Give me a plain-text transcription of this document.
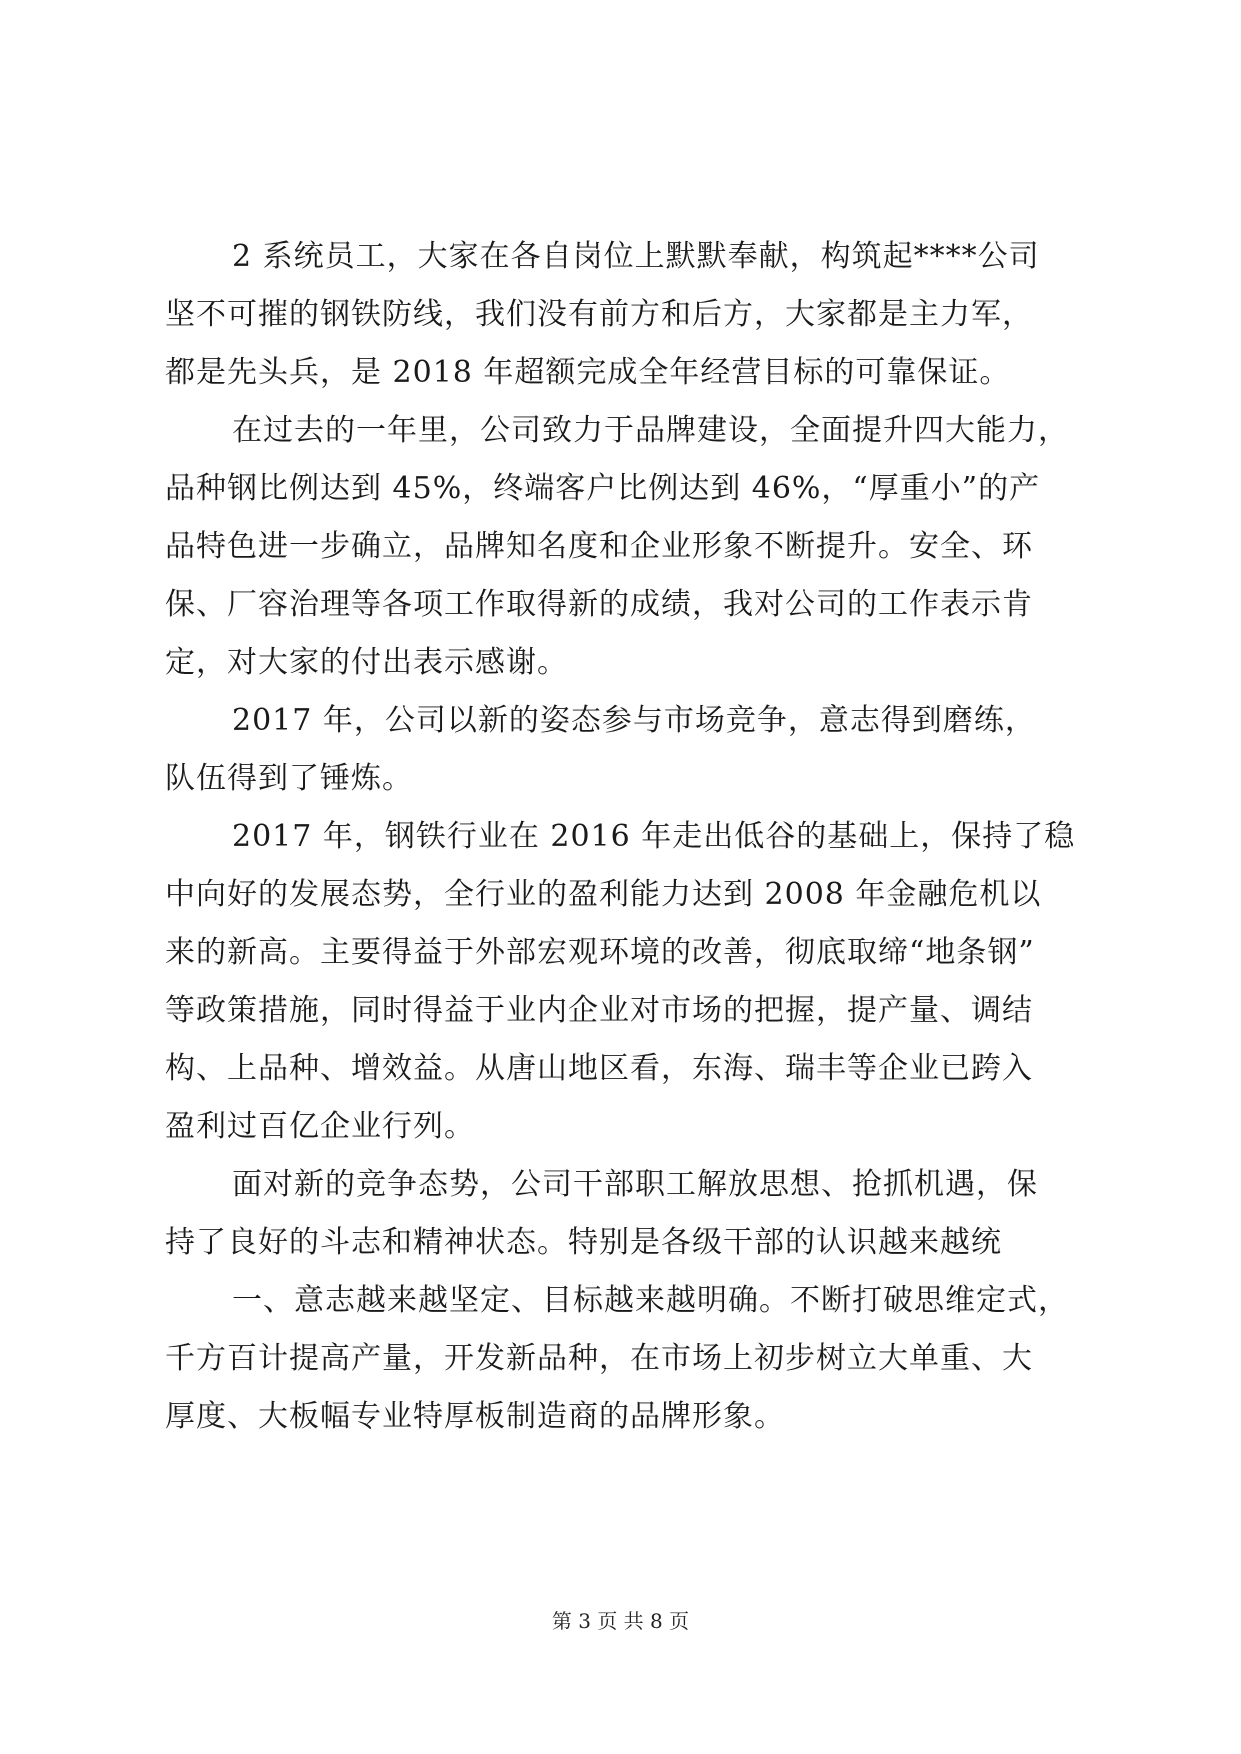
2 系统员工，大家在各自岗位上默默奉献，构筑起****公司

坚不可摧的钢铁防线，我们没有前方和后方，大家都是主力军，

都是先头兵，是 2018 年超额完成全年经营目标的可靠保证。

在过去的一年里，公司致力于品牌建设，全面提升四大能力，

品种钢比例达到 45%，终端客户比例达到 46%，“厚重小”的产

品特色进一步确立，品牌知名度和企业形象不断提升。安全、环

保、厂容治理等各项工作取得新的成绩，我对公司的工作表示肯

定，对大家的付出表示感谢。

2017 年，公司以新的姿态参与市场竞争，意志得到磨练，

队伍得到了锤炼。

2017 年，钢铁行业在 2016 年走出低谷的基础上，保持了稳

中向好的发展态势，全行业的盈利能力达到 2008 年金融危机以

来的新高。主要得益于外部宏观环境的改善，彻底取缔“地条钢”

等政策措施，同时得益于业内企业对市场的把握，提产量、调结

构、上品种、增效益。从唐山地区看，东海、瑞丰等企业已跨入

盈利过百亿企业行列。

面对新的竞争态势，公司干部职工解放思想、抢抓机遇，保

持了良好的斗志和精神状态。特别是各级干部的认识越来越统

一、意志越来越坚定、目标越来越明确。不断打破思维定式，

千方百计提高产量，开发新品种，在市场上初步树立大单重、大

厚度、大板幅专业特厚板制造商的品牌形象。

第 3 页 共 8 页
